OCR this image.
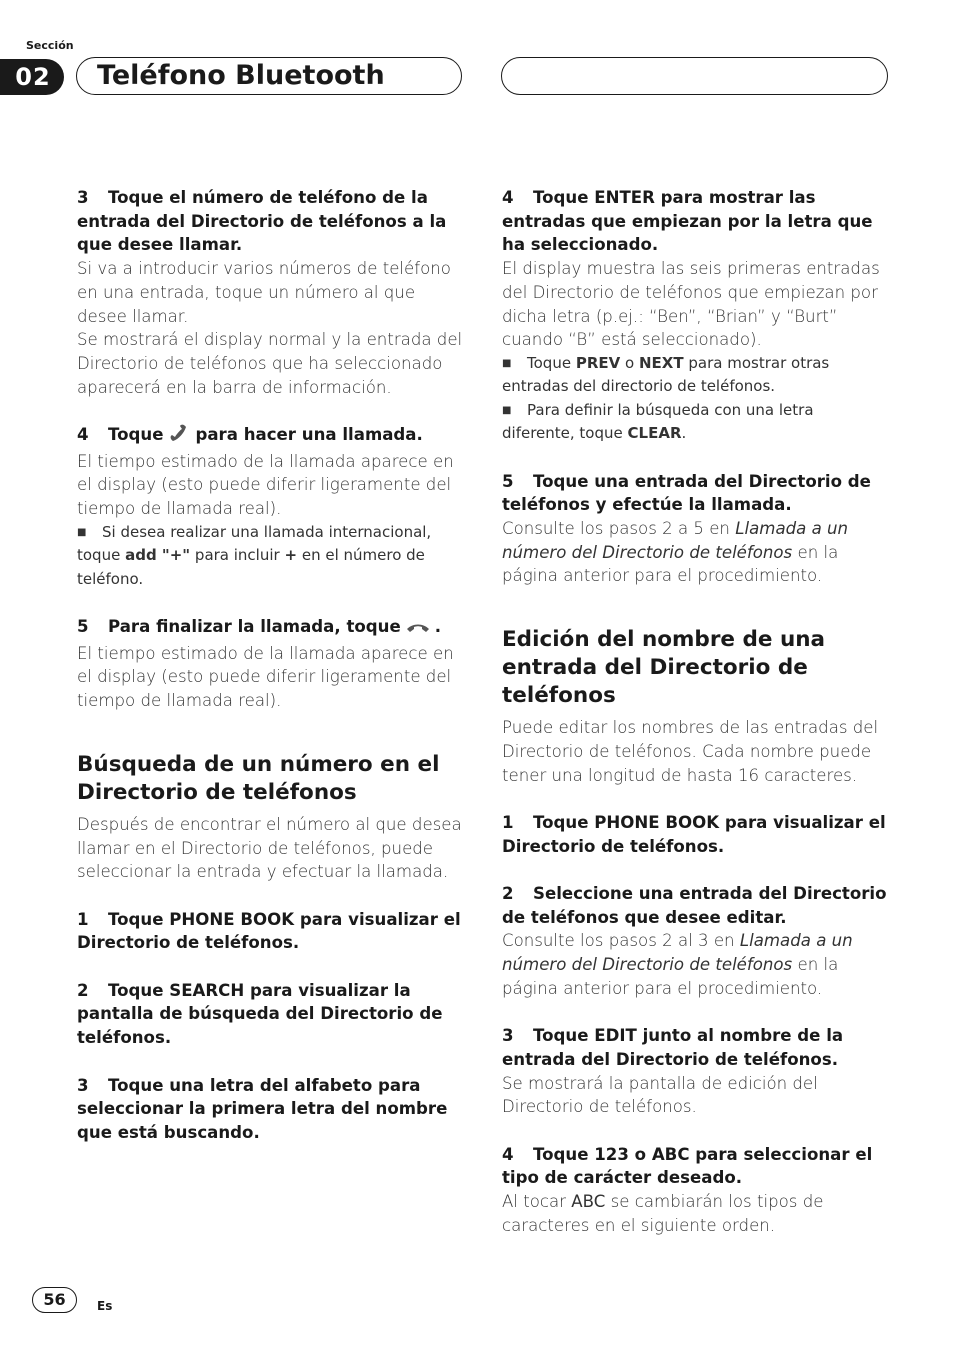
Sección
02	Teléfono Bluetooth

3 Toque el número de teléfono de la entrada del Directorio de teléfonos a la que desee llamar.

Si va a introducir varios números de teléfono en una entrada, toque un número al que desee llamar.

Se mostrará el display normal y la entrada del Directorio de teléfonos que ha seleccionado aparecerá en la barra de información.

4 Toque para hacer una llamada.

El tiempo estimado de la llamada aparece en el display (esto puede diferir ligeramente del tiempo de llamada real).

■ Si desea realizar una llamada internacional, toque add "+" para incluir + en el número de teléfono.

5 Para finalizar la llamada, toque .

El tiempo estimado de la llamada aparece en el display (esto puede diferir ligeramente del tiempo de llamada real).

Búsqueda de un número en el Directorio de teléfonos

Después de encontrar el número al que desea llamar en el Directorio de teléfonos, puede seleccionar la entrada y efectuar la llamada.

1 Toque PHONE BOOK para visualizar el Directorio de teléfonos.

2 Toque SEARCH para visualizar la pantalla de búsqueda del Directorio de teléfonos.

3 Toque una letra del alfabeto para seleccionar la primera letra del nombre que está buscando.

4 Toque ENTER para mostrar las entradas que empiezan por la letra que ha seleccionado.

El display muestra las seis primeras entradas del Directorio de teléfonos que empiezan por dicha letra (p.ej.: “Ben”, “Brian” y “Burt” cuando “B” está seleccionado).

■ Toque PREV o NEXT para mostrar otras entradas del directorio de teléfonos.

■ Para definir la búsqueda con una letra diferente, toque CLEAR.

5 Toque una entrada del Directorio de teléfonos y efectúe la llamada.

Consulte los pasos 2 a 5 en Llamada a un número del Directorio de teléfonos en la página anterior para el procedimiento.

Edición del nombre de una entrada del Directorio de teléfonos

Puede editar los nombres de las entradas del Directorio de teléfonos. Cada nombre puede tener una longitud de hasta 16 caracteres.

1 Toque PHONE BOOK para visualizar el Directorio de teléfonos.

2 Seleccione una entrada del Directorio de teléfonos que desee editar.

Consulte los pasos 2 al 3 en Llamada a un número del Directorio de teléfonos en la página anterior para el procedimiento.

3 Toque EDIT junto al nombre de la entrada del Directorio de teléfonos.

Se mostrará la pantalla de edición del Directorio de teléfonos.

4 Toque 123 o ABC para seleccionar el tipo de carácter deseado.

Al tocar ABC se cambiarán los tipos de caracteres en el siguiente orden.

56	Es
